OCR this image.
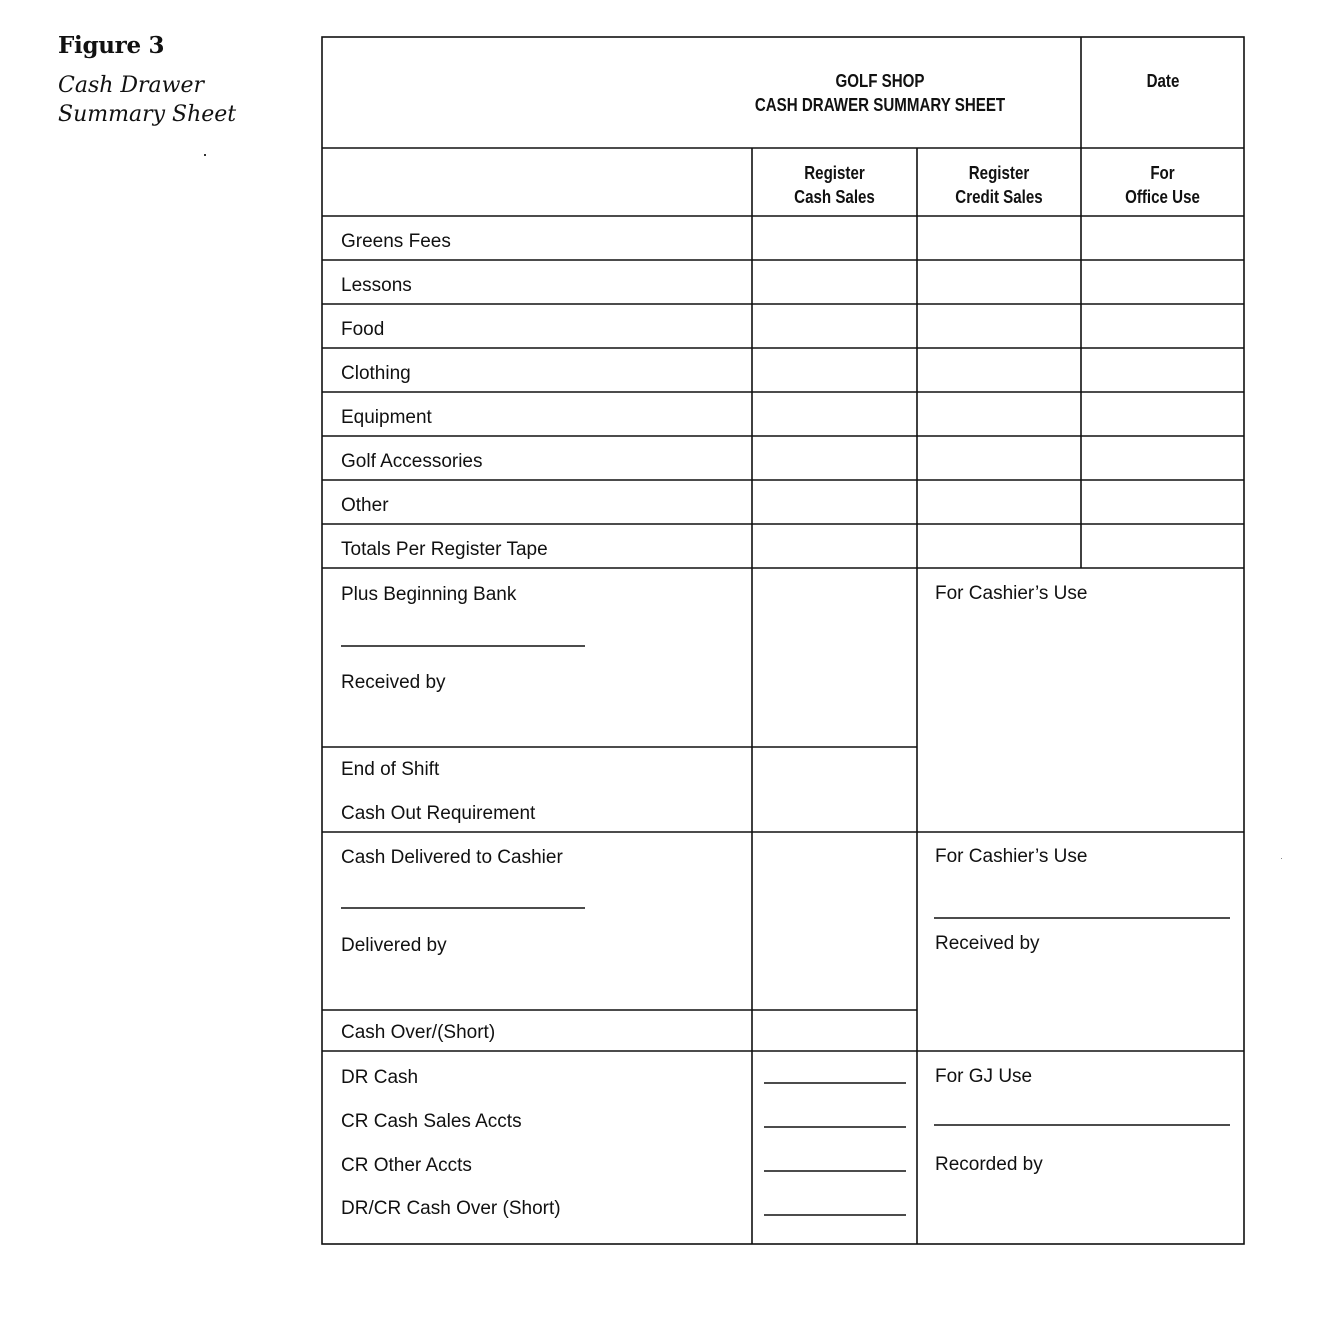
Figure 3
Cash Drawer
Summary Sheet
GOLF SHOP
CASH DRAWER SUMMARY SHEET
Date
Register
Cash Sales
Register
Credit Sales
For
Office Use
Greens Fees
Lessons
Food
Clothing
Equipment
Golf Accessories
Other
Totals Per Register Tape
Plus Beginning Bank
Received by
For Cashier’s Use
End of Shift
Cash Out Requirement
Cash Delivered to Cashier
Delivered by
For Cashier’s Use
Received by
Cash Over/(Short)
DR Cash
CR Cash Sales Accts
CR Other Accts
DR/CR Cash Over (Short)
For GJ Use
Recorded by
